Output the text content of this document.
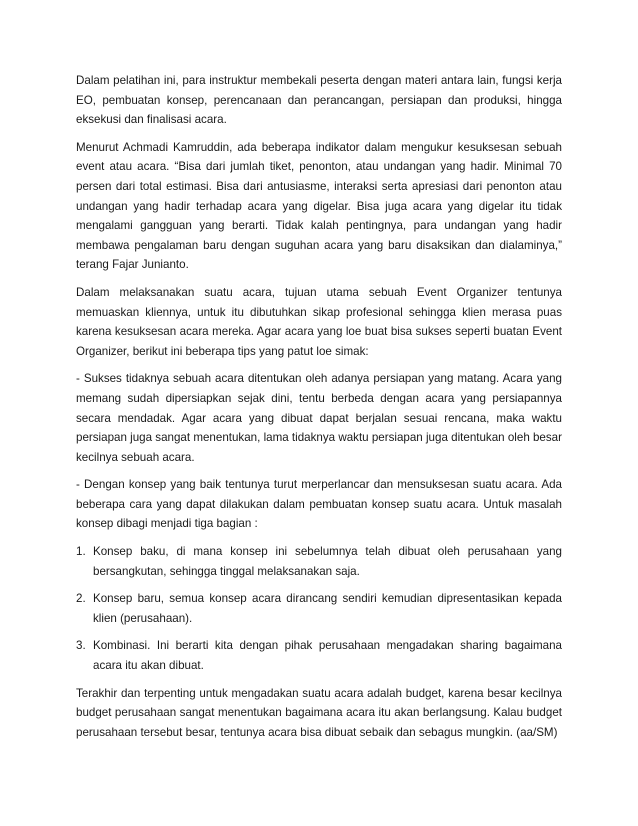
Dalam pelatihan ini, para instruktur membekali peserta dengan materi antara lain, fungsi kerja EO, pembuatan konsep, perencanaan dan perancangan, persiapan dan produksi, hingga eksekusi dan finalisasi acara.

Menurut Achmadi Kamruddin, ada beberapa indikator dalam mengukur kesuksesan sebuah event atau acara. “Bisa dari jumlah tiket, penonton, atau undangan yang hadir. Minimal 70 persen dari total estimasi. Bisa dari antusiasme, interaksi serta apresiasi dari penonton atau undangan yang hadir terhadap acara yang digelar. Bisa juga acara yang digelar itu tidak mengalami gangguan yang berarti. Tidak kalah pentingnya, para undangan yang hadir membawa pengalaman baru dengan suguhan acara yang baru disaksikan dan dialaminya,” terang Fajar Junianto.

Dalam melaksanakan suatu acara, tujuan utama sebuah Event Organizer tentunya memuaskan kliennya, untuk itu dibutuhkan sikap profesional sehingga klien merasa puas karena kesuksesan acara mereka. Agar acara yang loe buat bisa sukses seperti buatan Event Organizer, berikut ini beberapa tips yang patut loe simak:

- Sukses tidaknya sebuah acara ditentukan oleh adanya persiapan yang matang. Acara yang memang sudah dipersiapkan sejak dini, tentu berbeda dengan acara yang persiapannya secara mendadak. Agar acara yang dibuat dapat berjalan sesuai rencana, maka waktu persiapan juga sangat menentukan, lama tidaknya waktu persiapan juga ditentukan oleh besar kecilnya sebuah acara.

- Dengan konsep yang baik tentunya turut merperlancar dan mensuksesan suatu acara. Ada beberapa cara yang dapat dilakukan dalam pembuatan konsep suatu acara. Untuk masalah konsep dibagi menjadi tiga bagian :

1. Konsep baku, di mana konsep ini sebelumnya telah dibuat oleh perusahaan yang bersangkutan, sehingga tinggal melaksanakan saja.
2. Konsep baru, semua konsep acara dirancang sendiri kemudian dipresentasikan kepada klien (perusahaan).
3. Kombinasi. Ini berarti kita dengan pihak perusahaan mengadakan sharing bagaimana acara itu akan dibuat.

Terakhir dan terpenting untuk mengadakan suatu acara adalah budget, karena besar kecilnya budget perusahaan sangat menentukan bagaimana acara itu akan berlangsung. Kalau budget perusahaan tersebut besar, tentunya acara bisa dibuat sebaik dan sebagus mungkin. (aa/SM)
